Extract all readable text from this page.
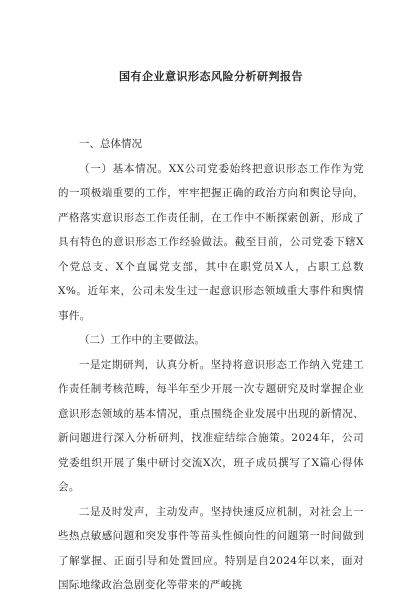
国有企业意识形态风险分析研判报告

一、总体情况

（一）基本情况。XX公司党委始终把意识形态工作作为党的一项极端重要的工作，牢牢把握正确的政治方向和舆论导向，严格落实意识形态工作责任制，在工作中不断探索创新，形成了具有特色的意识形态工作经验做法。截至目前，公司党委下辖X个党总支、X个直属党支部，其中在职党员X人，占职工总数X%。近年来，公司未发生过一起意识形态领域重大事件和舆情事件。

（二）工作中的主要做法。

一是定期研判，认真分析。坚持将意识形态工作纳入党建工作责任制考核范畴，每半年至少开展一次专题研究及时掌握企业意识形态领域的基本情况，重点围绕企业发展中出现的新情况、新问题进行深入分析研判，找准症结综合施策。2024年，公司党委组织开展了集中研讨交流X次，班子成员撰写了X篇心得体会。

二是及时发声，主动发声。坚持快速反应机制，对社会上一些热点敏感问题和突发事件等苗头性倾向性的问题第一时间做到了解掌握、正面引导和处置回应。特别是自2024年以来，面对国际地缘政治急剧变化等带来的严峻挑
